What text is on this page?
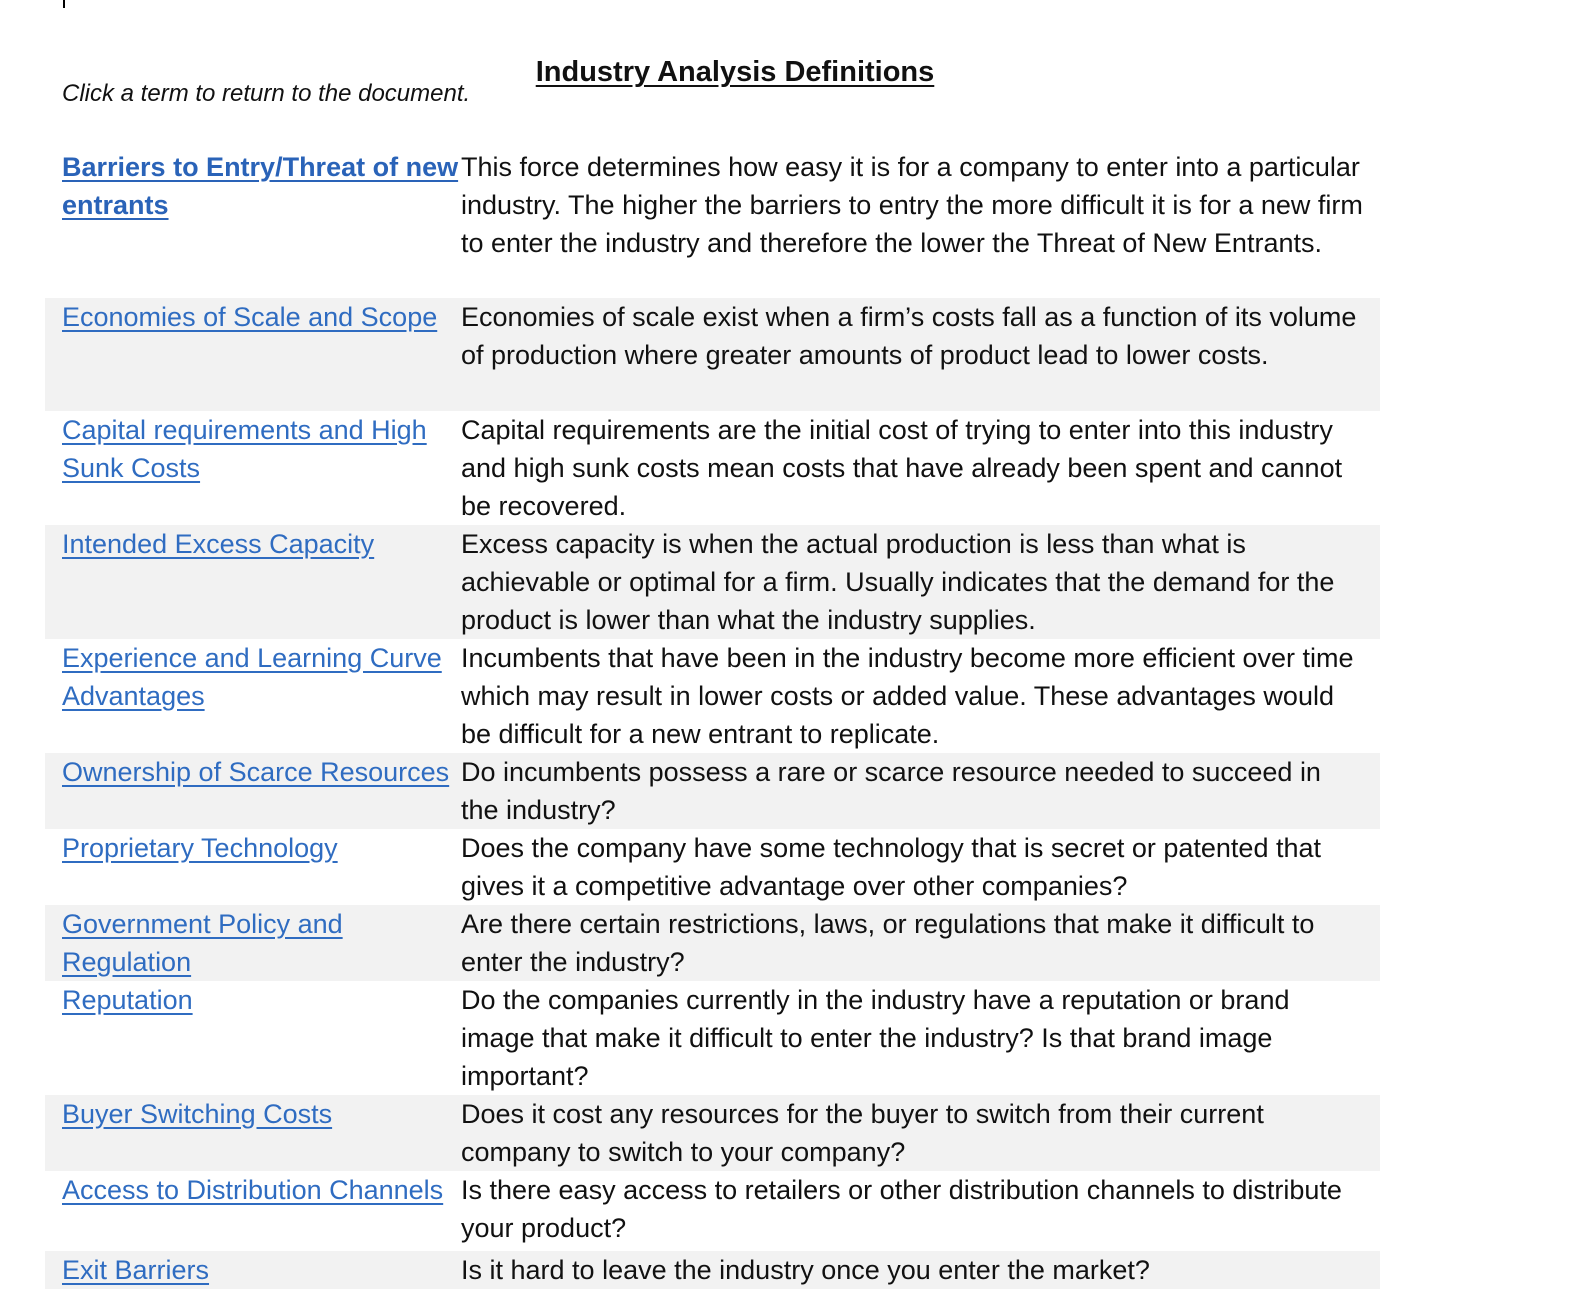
Industry Analysis Definitions
Click a term to return to the document.
Barriers to Entry/Threat of new entrants	This force determines how easy it is for a company to enter into a particular industry. The higher the barriers to entry the more difficult it is for a new firm to enter the industry and therefore the lower the Threat of New Entrants.
Economies of Scale and Scope	Economies of scale exist when a firm’s costs fall as a function of its volume of production where greater amounts of product lead to lower costs.
Capital requirements and High Sunk Costs	Capital requirements are the initial cost of trying to enter into this industry and high sunk costs mean costs that have already been spent and cannot be recovered.
Intended Excess Capacity	Excess capacity is when the actual production is less than what is achievable or optimal for a firm. Usually indicates that the demand for the product is lower than what the industry supplies.
Experience and Learning Curve Advantages	Incumbents that have been in the industry become more efficient over time which may result in lower costs or added value. These advantages would be difficult for a new entrant to replicate.
Ownership of Scarce Resources	Do incumbents possess a rare or scarce resource needed to succeed in the industry?
Proprietary Technology	Does the company have some technology that is secret or patented that gives it a competitive advantage over other companies?
Government Policy and Regulation	Are there certain restrictions, laws, or regulations that make it difficult to enter the industry?
Reputation	Do the companies currently in the industry have a reputation or brand image that make it difficult to enter the industry? Is that brand image important?
Buyer Switching Costs	Does it cost any resources for the buyer to switch from their current company to switch to your company?
Access to Distribution Channels	Is there easy access to retailers or other distribution channels to distribute your product?
Exit Barriers	Is it hard to leave the industry once you enter the market?
